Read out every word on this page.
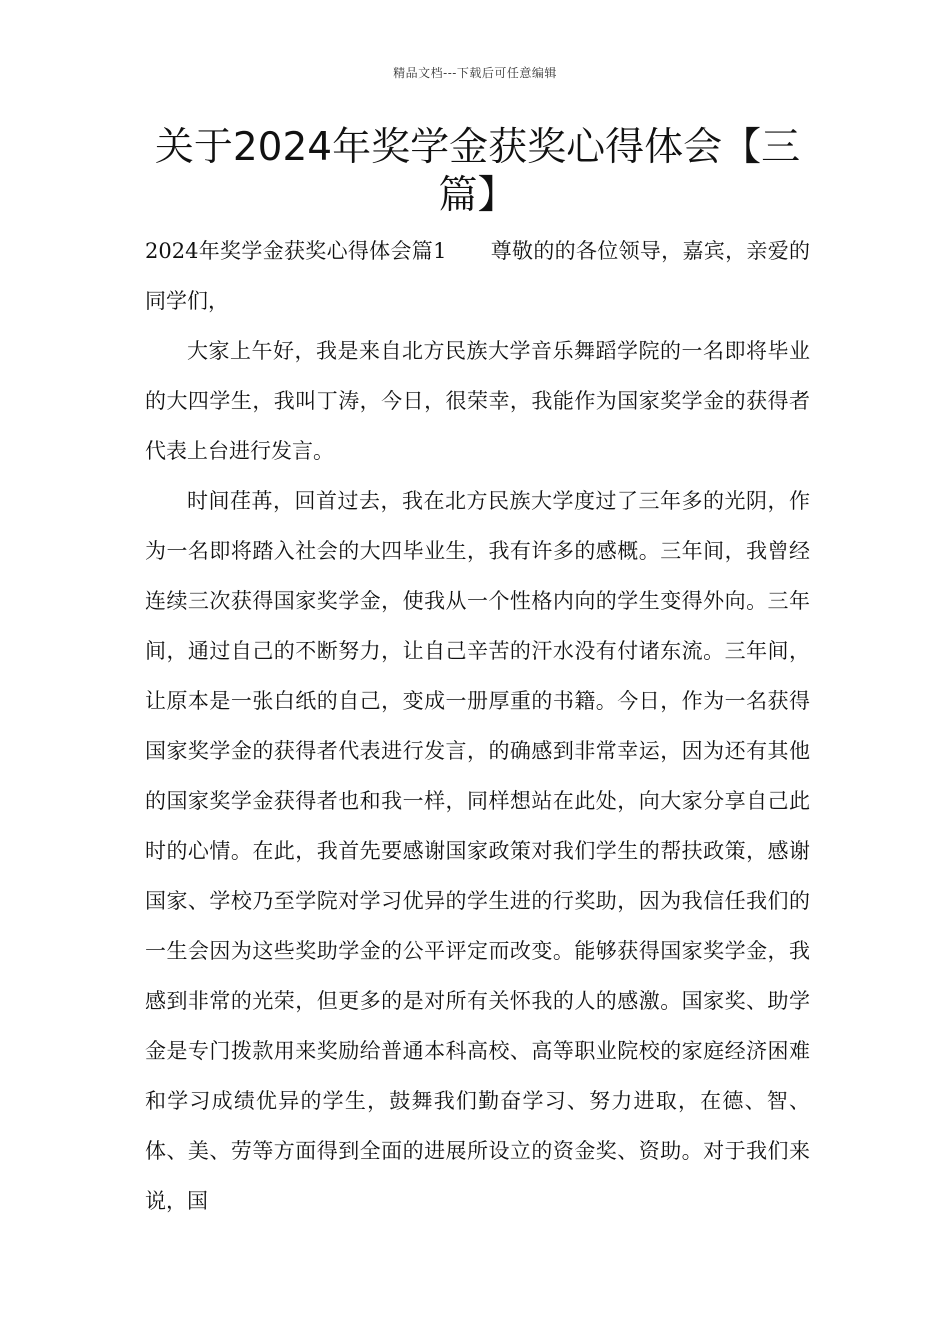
精品文档---下载后可任意编辑
关于2024年奖学金获奖心得体会【三篇】

2024年奖学金获奖心得体会篇1 尊敬的的各位领导，嘉宾，亲爱的同学们，

大家上午好，我是来自北方民族大学音乐舞蹈学院的一名即将毕业的大四学生，我叫丁涛，今日，很荣幸，我能作为国家奖学金的获得者代表上台进行发言。

时间荏苒，回首过去，我在北方民族大学度过了三年多的光阴，作为一名即将踏入社会的大四毕业生，我有许多的感概。三年间，我曾经连续三次获得国家奖学金，使我从一个性格内向的学生变得外向。三年间，通过自己的不断努力，让自己辛苦的汗水没有付诸东流。三年间，让原本是一张白纸的自己，变成一册厚重的书籍。今日，作为一名获得国家奖学金的获得者代表进行发言，的确感到非常幸运，因为还有其他的国家奖学金获得者也和我一样，同样想站在此处，向大家分享自己此时的心情。在此，我首先要感谢国家政策对我们学生的帮扶政策，感谢国家、学校乃至学院对学习优异的学生进的行奖助，因为我信任我们的一生会因为这些奖助学金的公平评定而改变。能够获得国家奖学金，我感到非常的光荣，但更多的是对所有关怀我的人的感激。国家奖、助学金是专门拨款用来奖励给普通本科高校、高等职业院校的家庭经济困难和学习成绩优异的学生，鼓舞我们勤奋学习、努力进取，在德、智、体、美、劳等方面得到全面的进展所设立的资金奖、资助。对于我们来说，国
